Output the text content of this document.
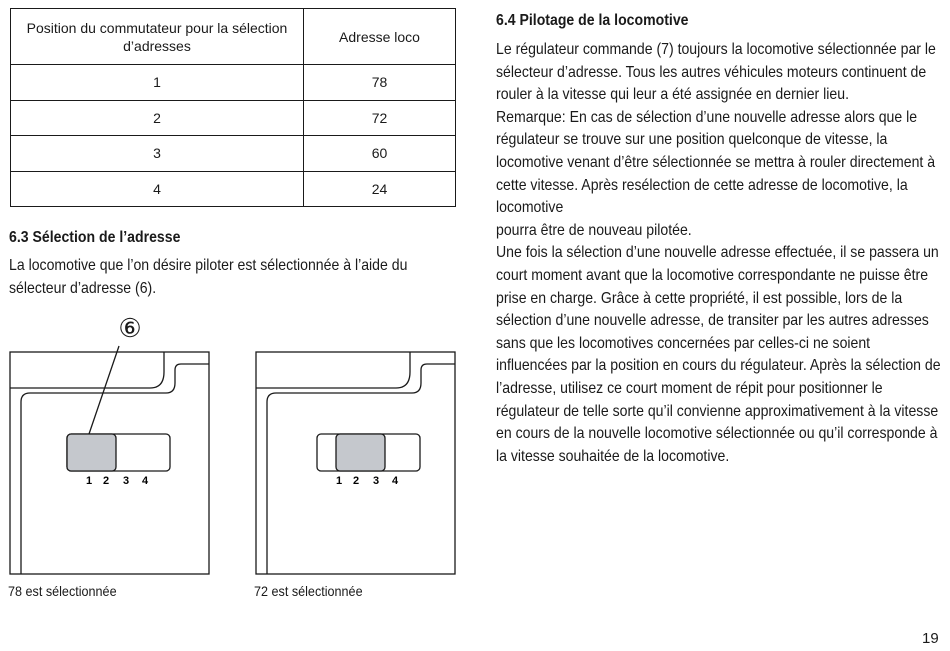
Position du commutateur pour la sélection d’adresses	Adresse loco
1	78
2	72
3	60
4	24
6.3 Sélection de l’adresse

La locomotive que l’on désire piloter est sélectionnée à l’aide du sélecteur d’adresse (6).

⑥
1 2 3 4
78 est sélectionnée
1 2 3 4
72 est sélectionnée
6.4 Pilotage de la locomotive

Le régulateur commande (7) toujours la locomotive sélectionnée par le sélecteur d’adresse. Tous les autres véhicules moteurs continuent de rouler à la vitesse qui leur a été assignée en dernier lieu.

Remarque: En cas de sélection d’une nouvelle adresse alors que le régulateur se trouve sur une position quelconque de vitesse, la locomotive venant d’être sélectionnée se mettra à rouler directement à cette vitesse. Après resélection de cette adresse de locomotive, la locomotive

pourra être de nouveau pilotée.

Une fois la sélection d’une nouvelle adresse effectuée, il se passera un court moment avant que la locomotive correspondante ne puisse être prise en charge. Grâce à cette propriété, il est possible, lors de la sélection d’une nouvelle adresse, de transiter par les autres adresses sans que les locomotives concernées par celles-ci ne soient influencées par la position en cours du régulateur. Après la sélection de l’adresse, utilisez ce court moment de répit pour positionner le régulateur de telle sorte qu’il convienne approximativement à la vitesse en cours de la nouvelle locomotive sélectionnée ou qu’il corresponde à la vitesse souhaitée de la locomotive.

19
